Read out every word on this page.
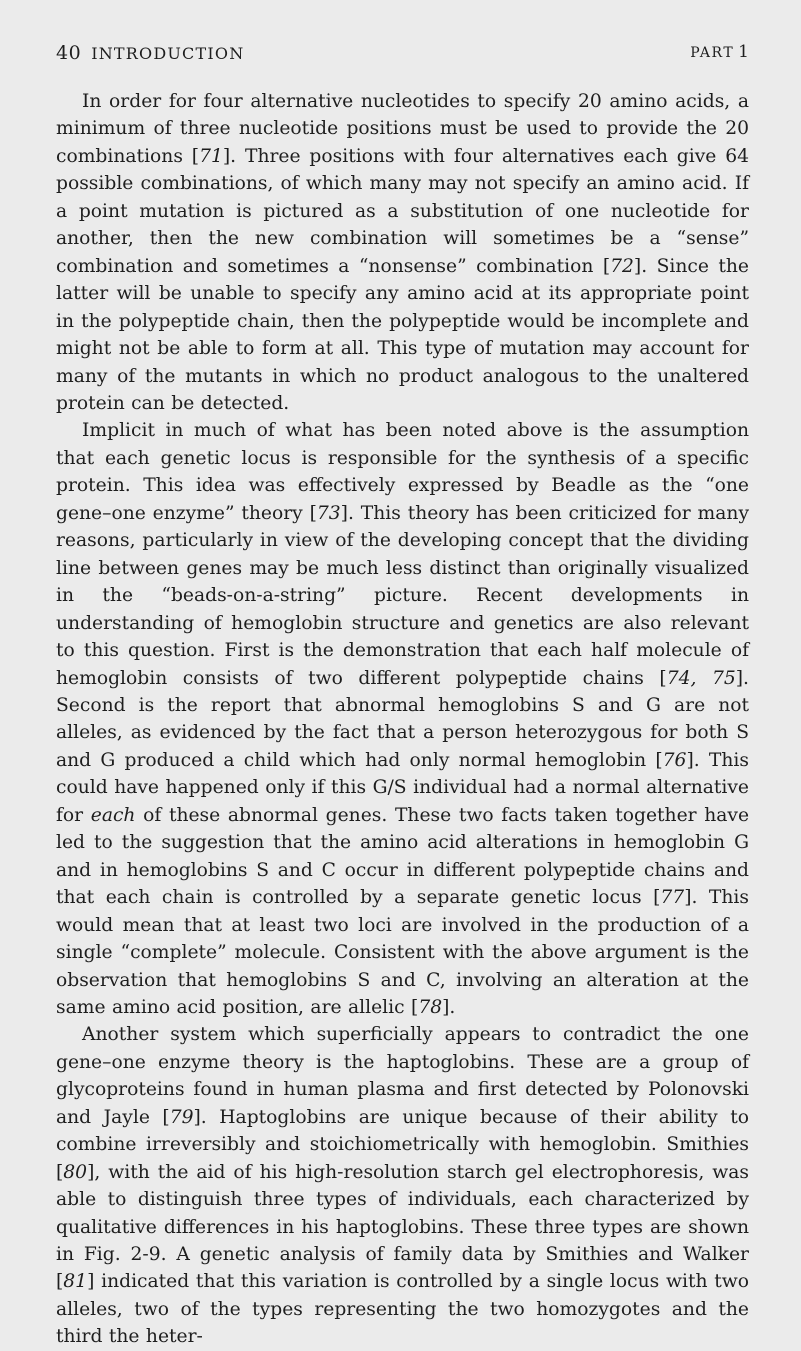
40 INTRODUCTION	PART 1

In order for four alternative nucleotides to specify 20 amino acids, a minimum of three nucleotide positions must be used to provide the 20 combinations [71]. Three positions with four alternatives each give 64 possible combinations, of which many may not specify an amino acid. If a point mutation is pictured as a substitution of one nucleotide for another, then the new combination will sometimes be a “sense” combination and sometimes a “nonsense” combination [72]. Since the latter will be unable to specify any amino acid at its appropriate point in the polypeptide chain, then the polypeptide would be incomplete and might not be able to form at all. This type of mutation may account for many of the mutants in which no product analogous to the unaltered protein can be detected.

Implicit in much of what has been noted above is the assumption that each genetic locus is responsible for the synthesis of a specific protein. This idea was effectively expressed by Beadle as the “one gene–one enzyme” theory [73]. This theory has been criticized for many reasons, particularly in view of the developing concept that the dividing line between genes may be much less distinct than originally visualized in the “beads-on-a-string” picture. Recent developments in understanding of hemoglobin structure and genetics are also relevant to this question. First is the demonstration that each half molecule of hemoglobin consists of two different polypeptide chains [74, 75]. Second is the report that abnormal hemoglobins S and G are not alleles, as evidenced by the fact that a person heterozygous for both S and G produced a child which had only normal hemoglobin [76]. This could have happened only if this G/S individual had a normal alternative for each of these abnormal genes. These two facts taken together have led to the suggestion that the amino acid alterations in hemoglobin G and in hemoglobins S and C occur in different polypeptide chains and that each chain is controlled by a separate genetic locus [77]. This would mean that at least two loci are involved in the production of a single “complete” molecule. Consistent with the above argument is the observation that hemoglobins S and C, involving an alteration at the same amino acid position, are allelic [78].

Another system which superficially appears to contradict the one gene–one enzyme theory is the haptoglobins. These are a group of glycoproteins found in human plasma and first detected by Polonovski and Jayle [79]. Haptoglobins are unique because of their ability to combine irreversibly and stoichiometrically with hemoglobin. Smithies [80], with the aid of his high-resolution starch gel electrophoresis, was able to distinguish three types of individuals, each characterized by qualitative differences in his haptoglobins. These three types are shown in Fig. 2-9. A genetic analysis of family data by Smithies and Walker [81] indicated that this variation is controlled by a single locus with two alleles, two of the types representing the two homozygotes and the third the heter-
